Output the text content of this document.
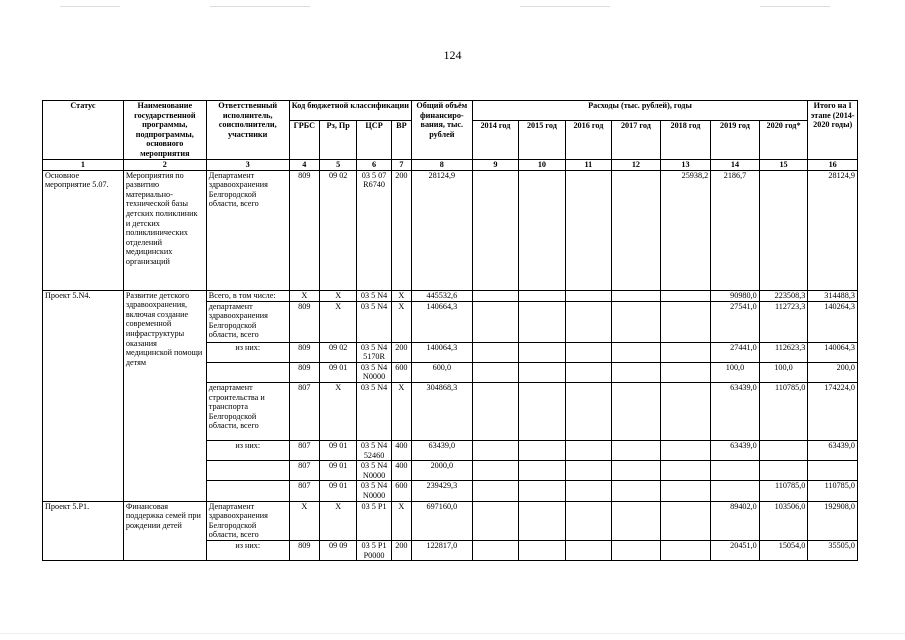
124
Статус	Наименование государственной программы, подпрограммы, основного мероприятия	Ответственный исполнитель, соисполнители, участники	Код бюджетной классификации				Общий объём финансиро-вания, тыс. рублей	Расходы (тыс. рублей), годы							Итого на I этапе (2014-2020 годы)
			ГРБС	Рз, Пр	ЦСР	ВР		2014 год	2015 год	2016 год	2017 год	2018 год	2019 год	2020 год*	
1	2	3	4	5	6	7	8	9	10	11	12	13	14	15	16
Основное мероприятие 5.07.	Мероприятия по развитию материально-технической базы детских поликлиник и детских поликлинических отделений медицинских организаций	Департамент здравоохранения Белгородской области, всего	809	09 02	03 5 07 R6740	200	28124,9					25938,2	2186,7		28124,9
Проект 5.N4.	Развитие детского здравоохранения, включая создание современной инфраструктуры оказания медицинской помощи детям	Всего, в том числе:	X	X	03 5 N4	X	445532,6						90980,0	223508,3	314488,3
		департамент здравоохранения Белгородской области, всего	809	X	03 5 N4	X	140664,3						27541,0	112723,3	140264,3
		из них:	809	09 02	03 5 N4 5170R	200	140064,3						27441,0	112623,3	140064,3
			809	09 01	03 5 N4 N0000	600	600,0						100,0	100,0	200,0
		департамент строительства и транспорта Белгородской области, всего	807	X	03 5 N4	X	304868,3						63439,0	110785,0	174224,0
		из них:	807	09 01	03 5 N4 52460	400	63439,0						63439,0		63439,0
			807	09 01	03 5 N4 N0000	400	2000,0								
			807	09 01	03 5 N4 N0000	600	239429,3							110785,0	110785,0
Проект 5.P1.	Финансовая поддержка семей при рождении детей	Департамент здравоохранения Белгородской области, всего	X	X	03 5 P1	X	697160,0						89402,0	103506,0	192908,0
		из них:	809	09 09	03 5 P1 P0000	200	122817,0						20451,0	15054,0	35505,0
